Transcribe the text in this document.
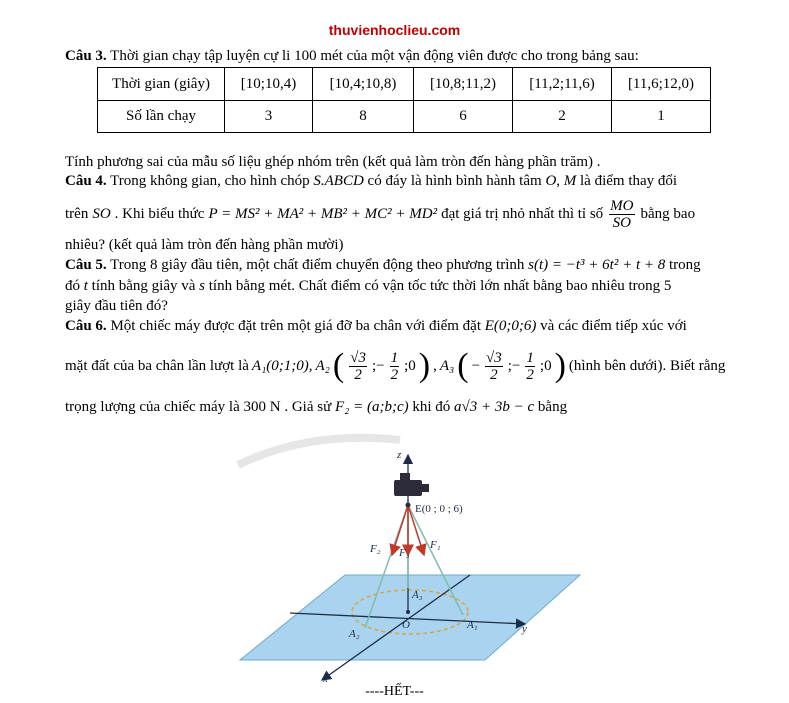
thuvienhoclieu.com
Câu 3. Thời gian chạy tập luyện cự li 100 mét của một vận động viên được cho trong bảng sau:
Thời gian (giây)	[10;10,4)	[10,4;10,8)	[10,8;11,2)	[11,2;11,6)	[11,6;12,0)
Số lần chạy	3	8	6	2	1
Tính phương sai của mẫu số liệu ghép nhóm trên (kết quả làm tròn đến hàng phần trăm) .
Câu 4. Trong không gian, cho hình chóp S.ABCD có đáy là hình bình hành tâm O, M là điểm thay đổi
trên SO . Khi biểu thức P = MS² + MA² + MB² + MC² + MD² đạt giá trị nhỏ nhất thì tỉ số $\frac{MO}{SO}$ bằng bao
nhiêu? (kết quả làm tròn đến hàng phần mười)
Câu 5. Trong 8 giây đầu tiên, một chất điểm chuyển động theo phương trình s(t) = −t³ + 6t² + t + 8 trong
đó t tính bằng giây và s tính bằng mét. Chất điểm có vận tốc tức thời lớn nhất bằng bao nhiêu trong 5
giây đầu tiên đó?
Câu 6. Một chiếc máy được đặt trên một giá đỡ ba chân với điểm đặt E(0;0;6) và các điểm tiếp xúc với
mặt đất của ba chân lần lượt là A₁(0;1;0), A₂ ( $\frac{√3}{2}$ ;− $\frac{1}{2}$ ;0 ) , A₃ ( − $\frac{√3}{2}$ ;− $\frac{1}{2}$ ;0 ) (hình bên dưới). Biết rằng
trọng lượng của chiếc máy là 300 N . Giả sử F₂ = (a;b;c) khi đó a√3 + 3b − c bằng
z
x
y
E(0 ; 0 ; 6)
O	A₁
A₂
A₃
F₁
F₂ F₃
----HẾT---
